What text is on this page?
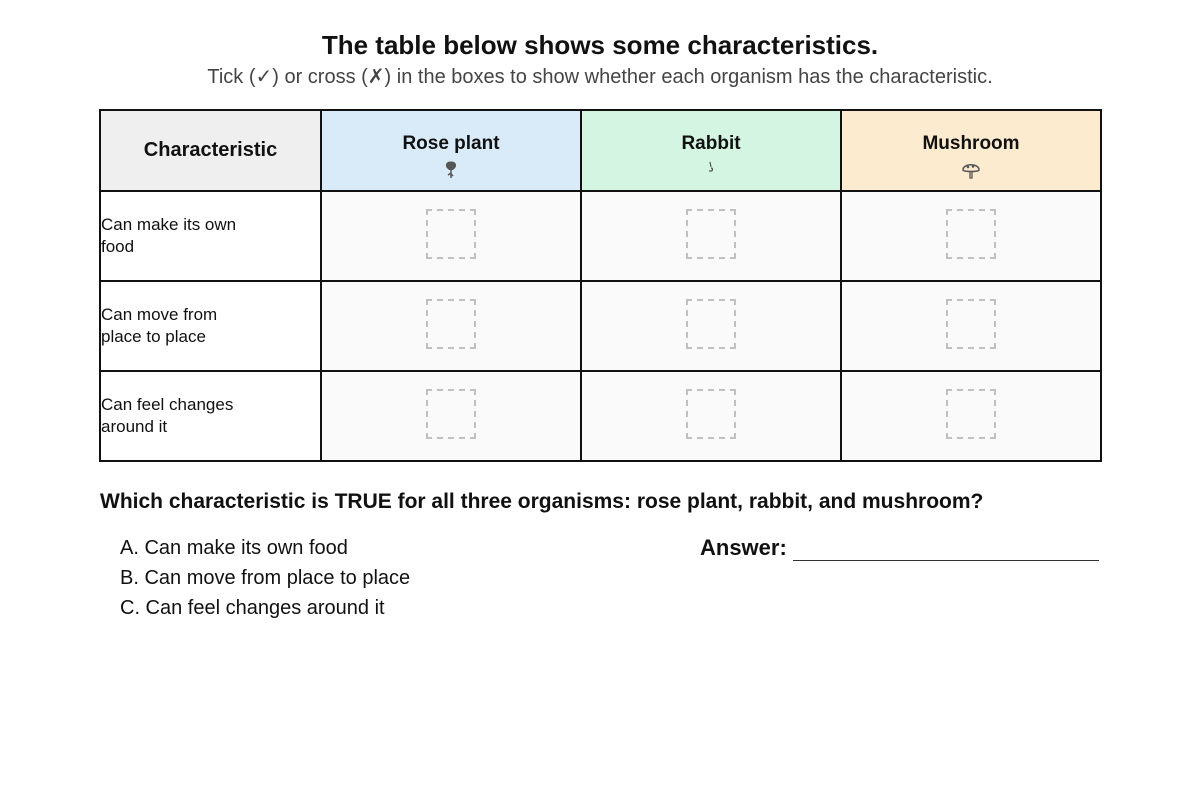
The table below shows some characteristics.
Tick (✓) or cross (✗) in the boxes to show whether each organism has the characteristic.
Characteristic	Rose plant	Rabbit	Mushroom

Can make its own food			

Can move from place to place			

Can feel changes around it			

Which characteristic is TRUE for all three organisms: rose plant, rabbit, and mushroom?
A. Can make its own food
B. Can move from place to place
C. Can feel changes around it
Answer:
